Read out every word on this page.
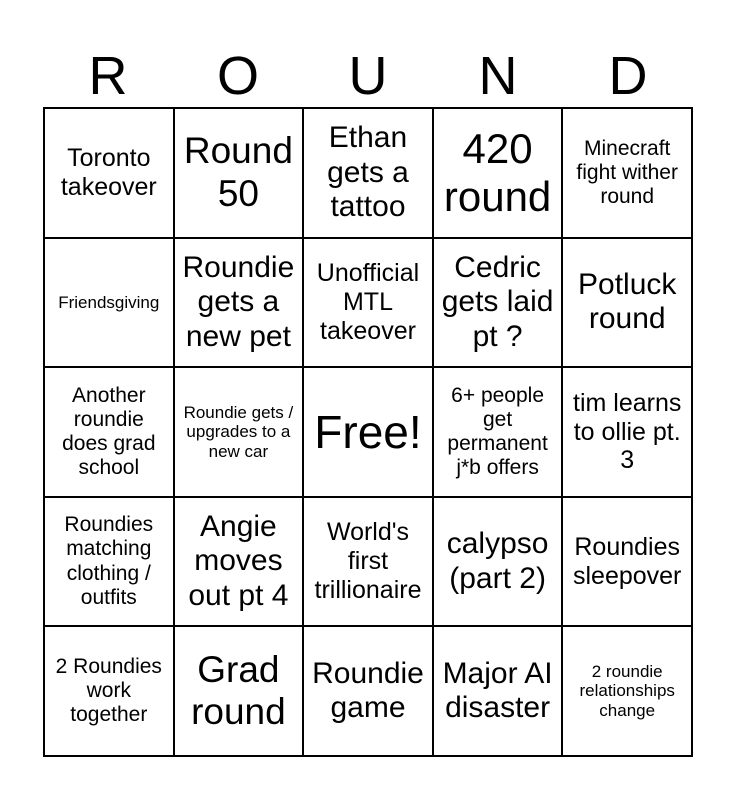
R	O	U	N	D
Toronto takeover
Round 50
Ethan gets a tattoo
420 round
Minecraft fight wither round
Friendsgiving
Roundie gets a new pet
Unofficial MTL takeover
Cedric gets laid pt ?
Potluck round
Another roundie does grad school
Roundie gets / upgrades to a new car	Free!
6+ people get permanent j*b offers
tim learns to ollie pt. 3
Roundies matching clothing / outfits
Angie moves out pt 4
World's first trillionaire
calypso (part 2)
Roundies sleepover
2 Roundies work together
Grad round
Roundie game
Major AI disaster
2 roundie relationships change
